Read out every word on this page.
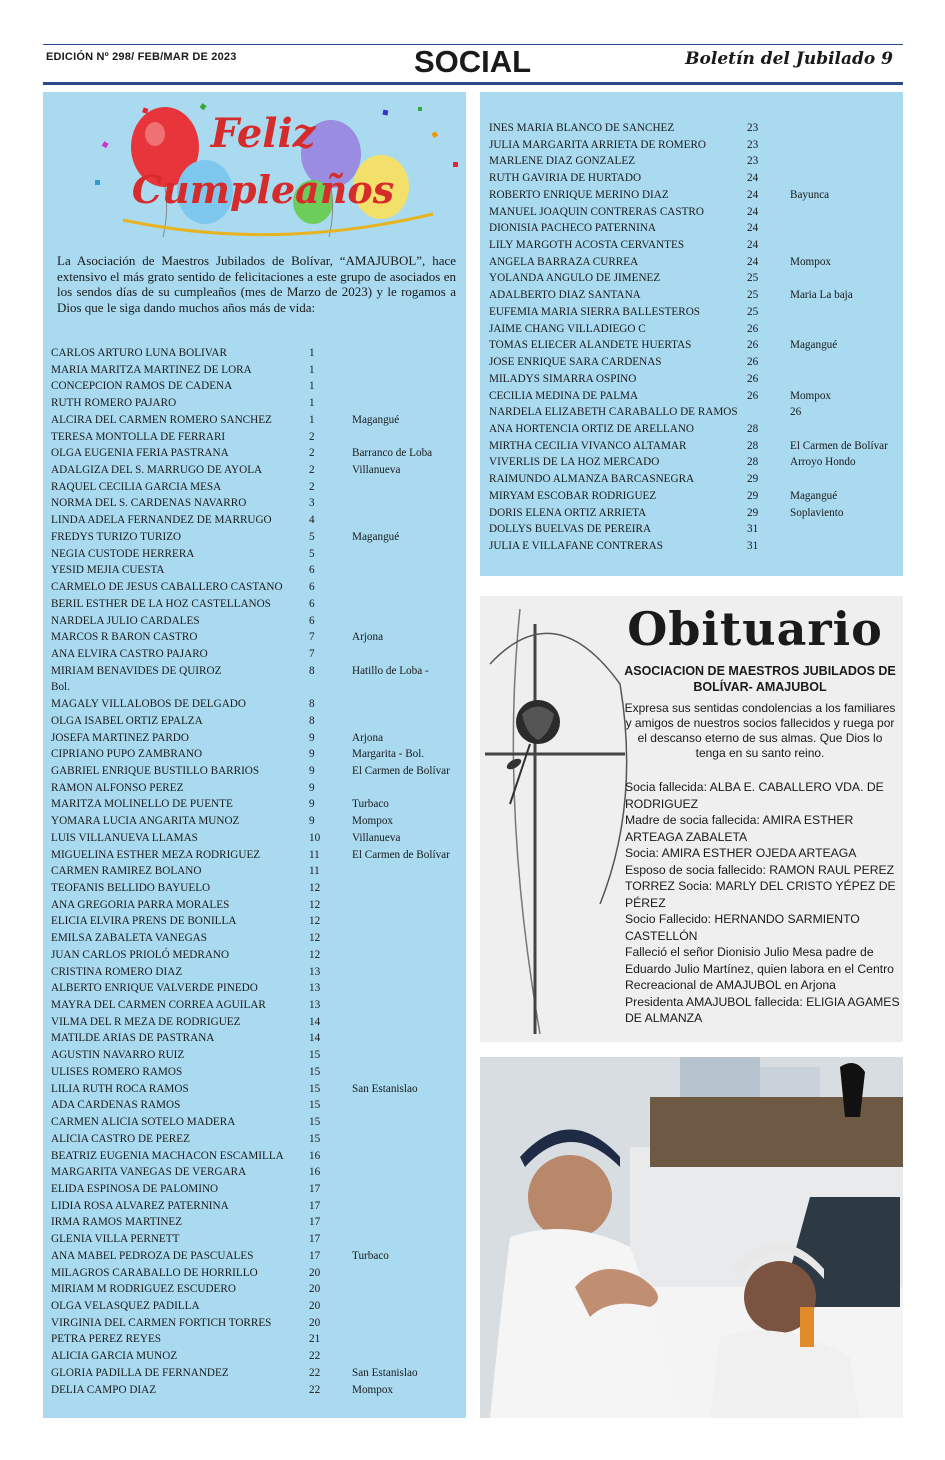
EDICIÓN Nº 298/ FEB/MAR DE 2023	SOCIAL	Boletín del Jubilado 9
Feliz
Cumpleaños
La Asociación de Maestros Jubilados de Bolívar, “AMAJUBOL”, hace extensivo el más grato sentido de felicitaciones a este grupo de asociados en los sendos días de su cumpleaños (mes de Marzo de 2023) y le rogamos a Dios que le siga dando muchos años más de vida:
CARLOS ARTURO LUNA BOLIVAR	1
MARIA MARITZA MARTINEZ DE LORA	1
CONCEPCION RAMOS DE CADENA	1
RUTH ROMERO PAJARO	1
ALCIRA DEL CARMEN ROMERO SANCHEZ	1	Magangué
TERESA MONTOLLA DE FERRARI	2
OLGA EUGENIA FERIA PASTRANA	2	Barranco de Loba
ADALGIZA DEL S. MARRUGO DE AYOLA	2	Villanueva
RAQUEL CECILIA GARCIA MESA	2
NORMA DEL S. CARDENAS NAVARRO	3
LINDA ADELA FERNANDEZ DE MARRUGO	4
FREDYS TURIZO TURIZO	5	Magangué
NEGIA CUSTODE HERRERA	5
YESID MEJIA CUESTA	6
CARMELO DE JESUS CABALLERO CASTANO 6
BERIL ESTHER DE LA HOZ CASTELLANOS	6
NARDELA JULIO CARDALES	6
MARCOS R BARON CASTRO	7	Arjona
ANA ELVIRA CASTRO PAJARO	7
MIRIAM BENAVIDES DE QUIROZ	8	Hatillo de Loba -
Bol.
MAGALY VILLALOBOS DE DELGADO	8
OLGA ISABEL ORTIZ EPALZA	8
JOSEFA MARTINEZ PARDO	9	Arjona
CIPRIANO PUPO ZAMBRANO	9	Margarita - Bol.
GABRIEL ENRIQUE BUSTILLO BARRIOS	9	El Carmen de Bolívar
RAMON ALFONSO PEREZ	9
MARITZA MOLINELLO DE PUENTE	9	Turbaco
YOMARA LUCIA ANGARITA MUNOZ	9	Mompox
LUIS VILLANUEVA LLAMAS	10	Villanueva
MIGUELINA ESTHER MEZA RODRIGUEZ	11	El Carmen de Bolívar
CARMEN RAMIREZ BOLANO	11
TEOFANIS BELLIDO BAYUELO	12
ANA GREGORIA PARRA MORALES	12
ELICIA ELVIRA PRENS DE BONILLA	12
EMILSA ZABALETA VANEGAS	12
JUAN CARLOS PRIOLÓ MEDRANO	12
CRISTINA ROMERO DIAZ	13
ALBERTO ENRIQUE VALVERDE PINEDO	13
MAYRA DEL CARMEN CORREA AGUILAR	13
VILMA DEL R MEZA DE RODRIGUEZ	14
MATILDE ARIAS DE PASTRANA	14
AGUSTIN NAVARRO RUIZ	15
ULISES ROMERO RAMOS	15
LILIA RUTH ROCA RAMOS	15	San Estanislao
ADA CARDENAS RAMOS	15
CARMEN ALICIA SOTELO MADERA	15
ALICIA CASTRO DE PEREZ	15
BEATRIZ EUGENIA MACHACON ESCAMILLA 16
MARGARITA VANEGAS DE VERGARA	16
ELIDA ESPINOSA DE PALOMINO	17
LIDIA ROSA ALVAREZ PATERNINA	17
IRMA RAMOS MARTINEZ	17
GLENIA VILLA PERNETT	17
ANA MABEL PEDROZA DE PASCUALES	17	Turbaco
MILAGROS CARABALLO DE HORRILLO	20
MIRIAM M RODRIGUEZ ESCUDERO	20
OLGA VELASQUEZ PADILLA	20
VIRGINIA DEL CARMEN FORTICH TORRES	20
PETRA PEREZ REYES	21
ALICIA GARCIA MUNOZ	22
GLORIA PADILLA DE FERNANDEZ	22	San Estanislao
DELIA CAMPO DIAZ	22	Mompox
INES MARIA BLANCO DE SANCHEZ	23
JULIA MARGARITA ARRIETA DE ROMERO	23
MARLENE DIAZ GONZALEZ	23
RUTH GAVIRIA DE HURTADO	24
ROBERTO ENRIQUE MERINO DIAZ	24	Bayunca
MANUEL JOAQUIN CONTRERAS CASTRO	24
DIONISIA PACHECO PATERNINA	24
LILY MARGOTH ACOSTA CERVANTES	24
ANGELA BARRAZA CURREA	24	Mompox
YOLANDA ANGULO DE JIMENEZ	25
ADALBERTO DIAZ SANTANA	25	Maria La baja
EUFEMIA MARIA SIERRA BALLESTEROS	25
JAIME CHANG VILLADIEGO C	26
TOMAS ELIECER ALANDETE HUERTAS	26	Magangué
JOSE ENRIQUE SARA CARDENAS	26
MILADYS SIMARRA OSPINO	26
CECILIA MEDINA DE PALMA	26	Mompox
NARDELA ELIZABETH CARABALLO DE RAMOS	26
ANA HORTENCIA ORTIZ DE ARELLANO	28
MIRTHA CECILIA VIVANCO ALTAMAR	28	El Carmen de Bolívar
VIVERLIS DE LA HOZ MERCADO	28	Arroyo Hondo
RAIMUNDO ALMANZA BARCASNEGRA	29
MIRYAM ESCOBAR RODRIGUEZ	29	Magangué
DORIS ELENA ORTIZ ARRIETA	29	Soplaviento
DOLLYS BUELVAS DE PEREIRA	31
JULIA E VILLAFANE CONTRERAS	31
Obituario
ASOCIACION DE MAESTROS JUBILADOS DE BOLÍVAR- AMAJUBOL
Expresa sus sentidas condolencias a los familiares y amigos de nuestros socios fallecidos y ruega por el descanso eterno de sus almas. Que Dios lo tenga en su santo reino.

Socia fallecida: ALBA E. CABALLERO VDA. DE RODRIGUEZ

Madre de socia fallecida: AMIRA ESTHER ARTEAGA ZABALETA

Socia: AMIRA ESTHER OJEDA ARTEAGA

Esposo de socia fallecido: RAMON RAUL PEREZ TORREZ Socia: MARLY DEL CRISTO YÉPEZ DE PÉREZ

Socio Fallecido: HERNANDO SARMIENTO CASTELLÓN

Falleció el señor Dionisio Julio Mesa padre de Eduardo Julio Martínez, quien labora en el Centro Recreacional de AMAJUBOL en Arjona

Presidenta AMAJUBOL fallecida: ELIGIA AGAMES DE ALMANZA
